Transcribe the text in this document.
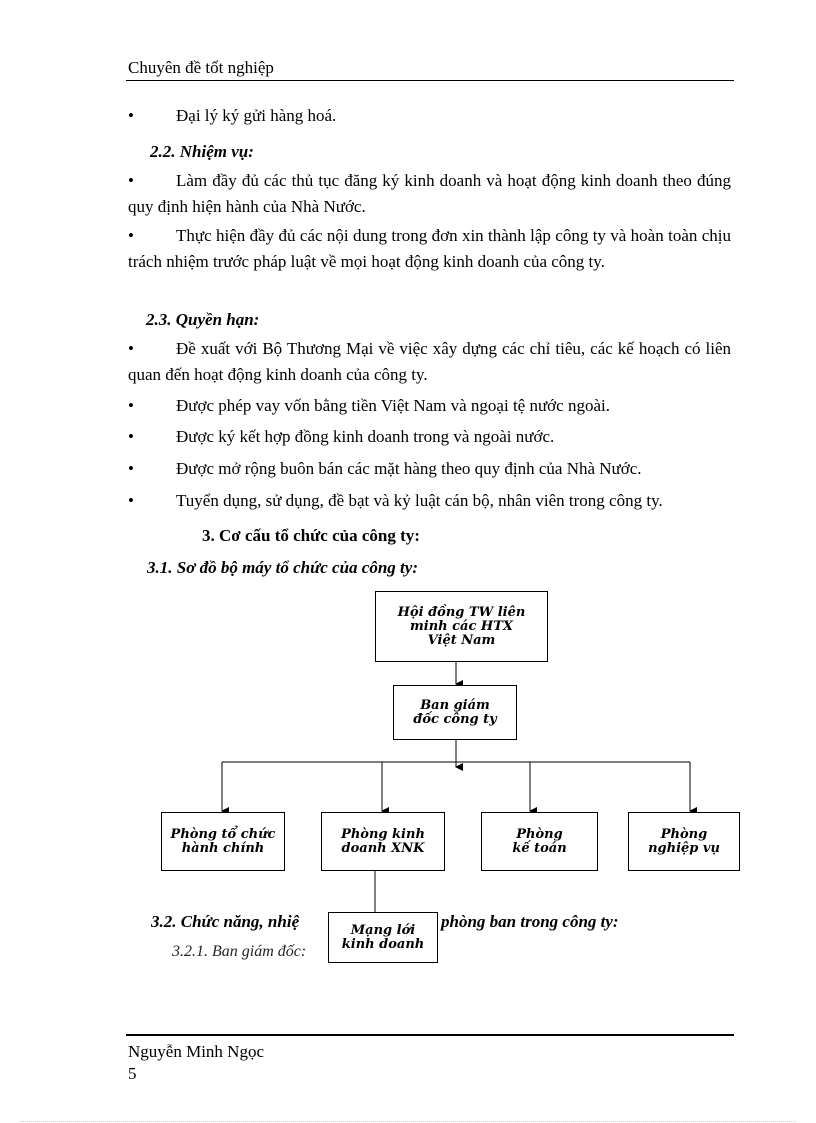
Chuyên đề tốt nghiệp
• Đại lý ký gửi hàng hoá.
2.2. Nhiệm vụ:
• Làm đầy đủ các thủ tục đăng ký kinh doanh và hoạt động kinh doanh theo đúng quy định hiện hành của Nhà Nước.
• Thực hiện đầy đủ các nội dung trong đơn xin thành lập công ty và hoàn toàn chịu trách nhiệm trước pháp luật về mọi hoạt động kinh doanh của công ty.
2.3. Quyền hạn:
• Đề xuất với Bộ Thương Mại về việc xây dựng các chỉ tiêu, các kế hoạch có liên quan đến hoạt động kinh doanh của công ty.
• Được phép vay vốn bằng tiền Việt Nam và ngoại tệ nước ngoài.
• Được ký kết hợp đồng kinh doanh trong và ngoài nước.
• Được mở rộng buôn bán các mặt hàng theo quy định của Nhà Nước.
• Tuyển dụng, sử dụng, đề bạt và kỷ luật cán bộ, nhân viên trong công ty.
3. Cơ cấu tổ chức của công ty:
3.1. Sơ đồ bộ máy tổ chức của công ty:
Hội đồng TW liên
minh các HTX
Việt Nam
Ban giám
đốc công ty
Phòng tổ chức
hành chính
Phòng kinh
doanh XNK
Phòng
kế toán
Phòng
nghiệp vụ
3.2. Chức năng, nhiệ	phòng ban trong công ty:
3.2.1. Ban giám đốc:
Mạng lới
kinh doanh
Nguyễn Minh Ngọc
5
